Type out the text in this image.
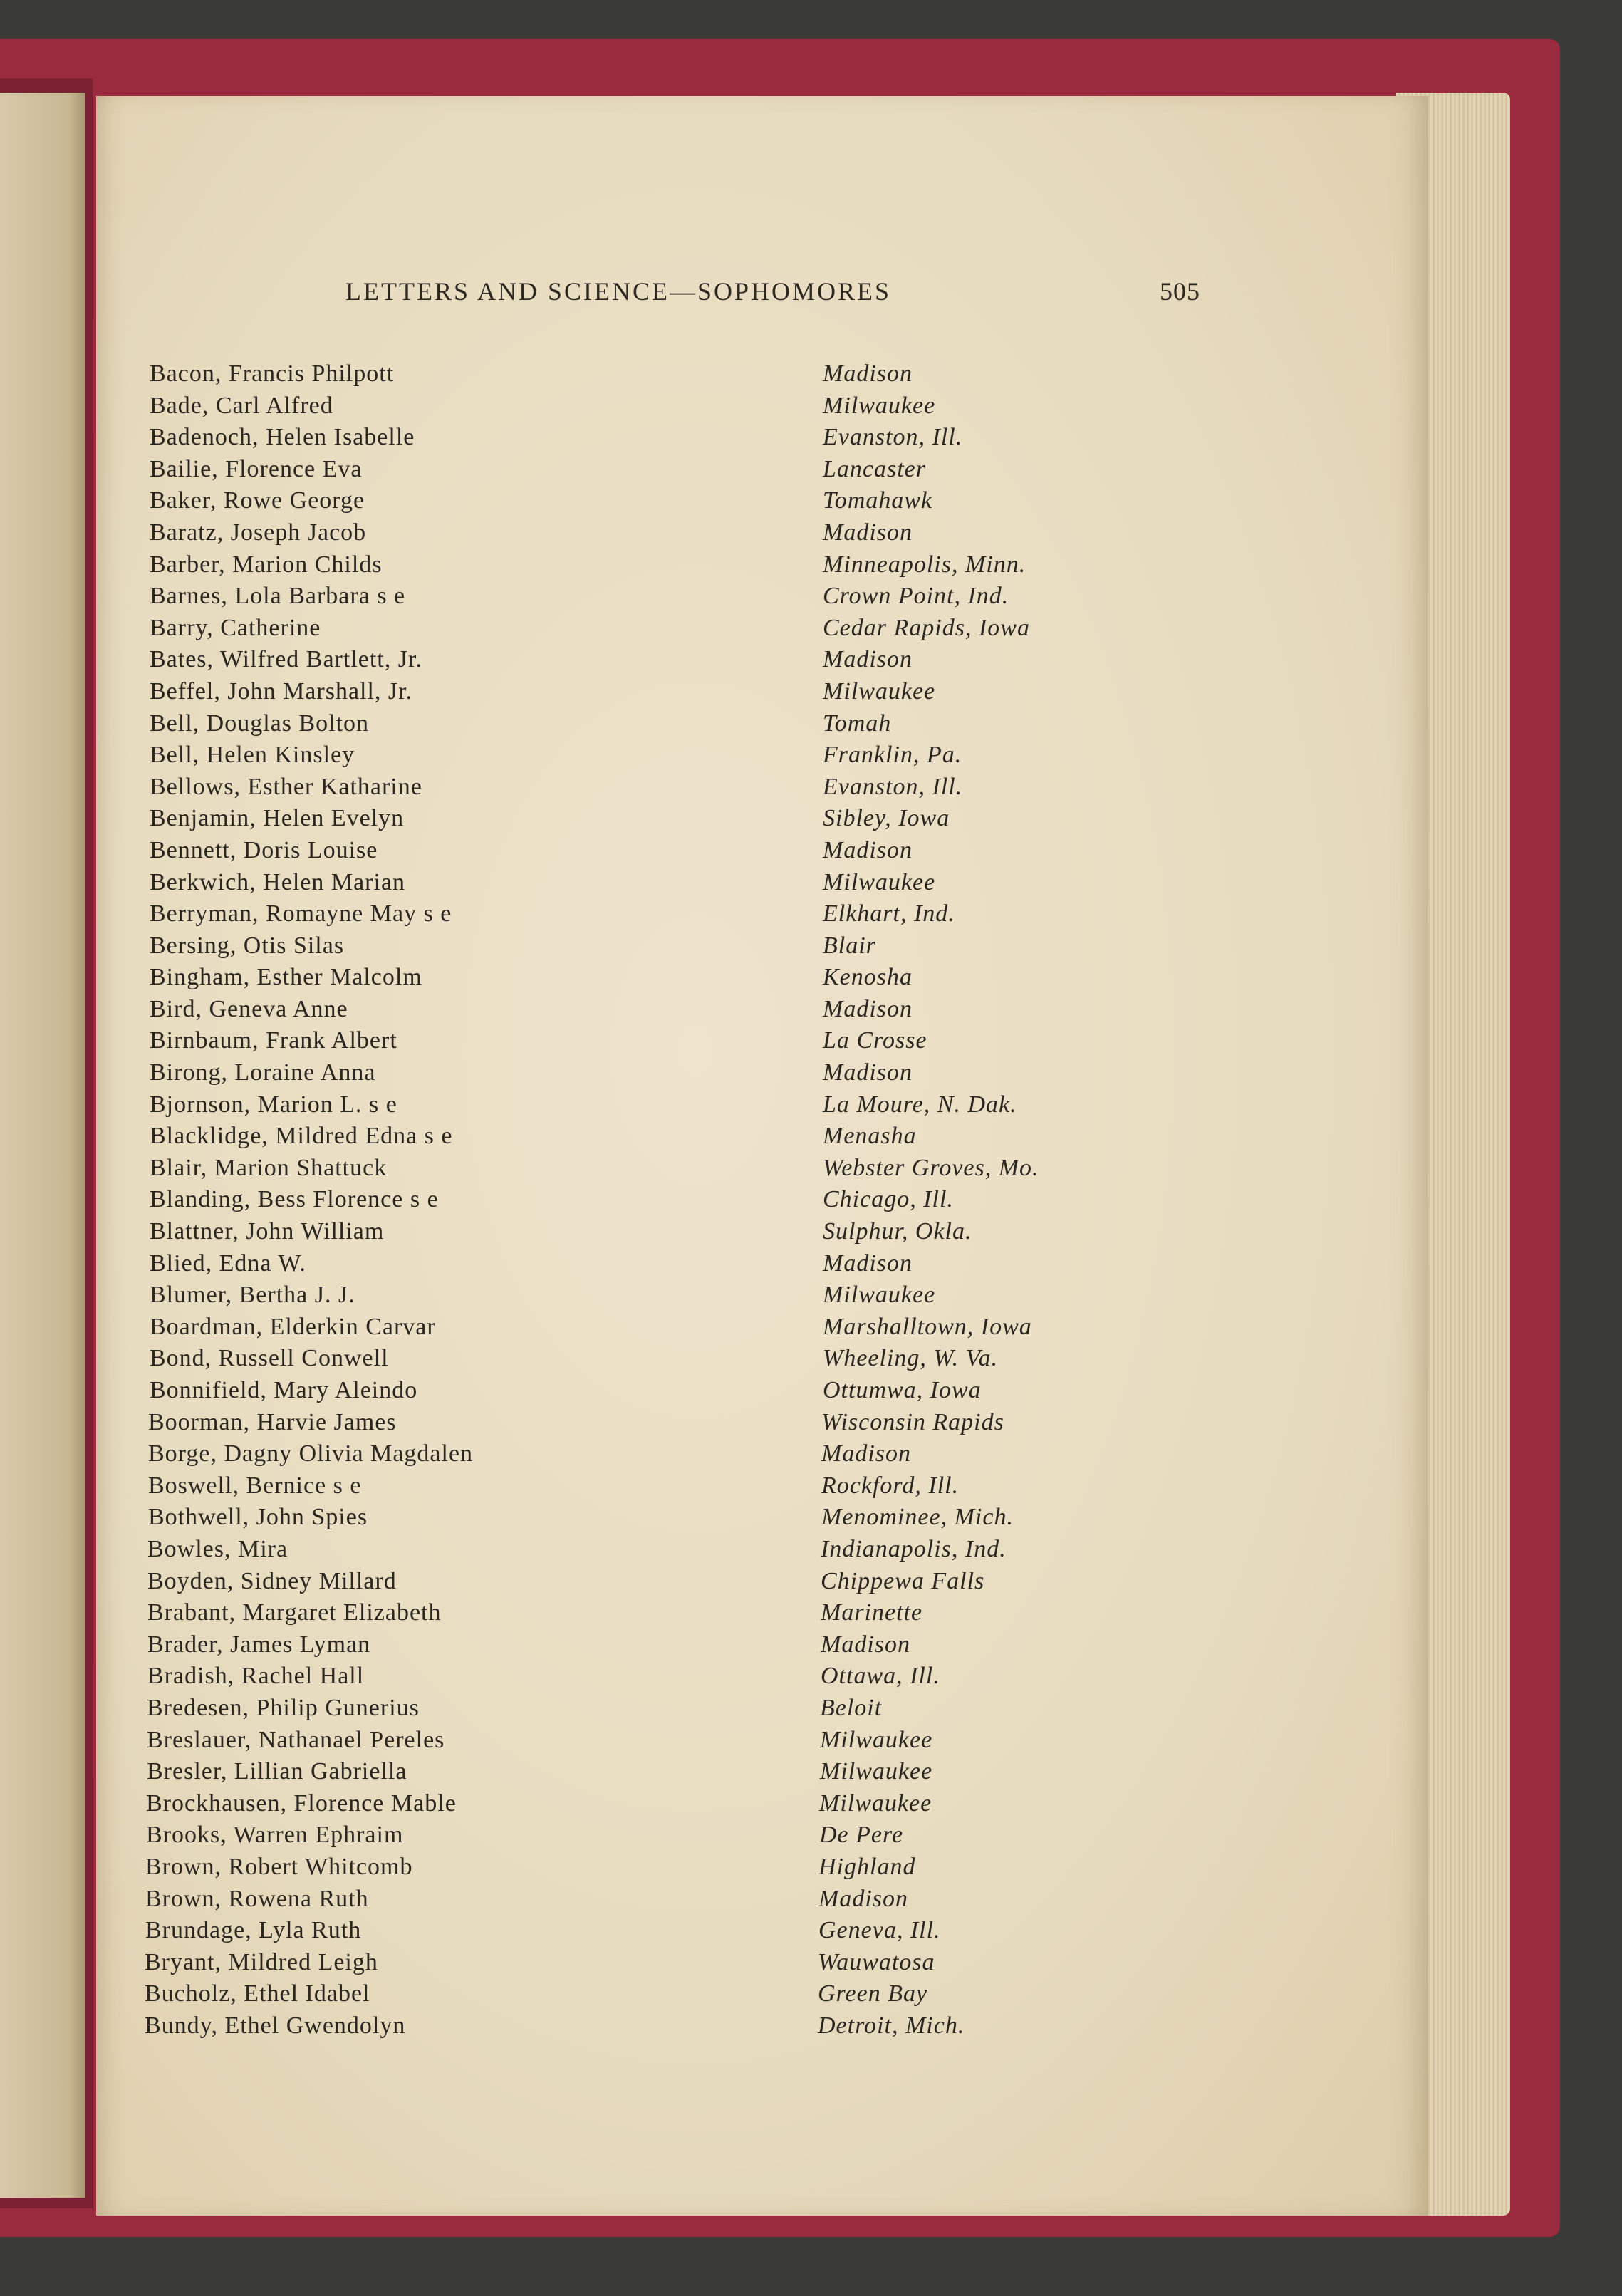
LETTERS AND SCIENCE—SOPHOMORES	505
Bacon, Francis Philpott	Madison
Bade, Carl Alfred	Milwaukee
Badenoch, Helen Isabelle	Evanston, Ill.
Bailie, Florence Eva	Lancaster
Baker, Rowe George	Tomahawk
Baratz, Joseph Jacob	Madison
Barber, Marion Childs	Minneapolis, Minn.
Barnes, Lola Barbara s e	Crown Point, Ind.
Barry, Catherine	Cedar Rapids, Iowa
Bates, Wilfred Bartlett, Jr.	Madison
Beffel, John Marshall, Jr.	Milwaukee
Bell, Douglas Bolton	Tomah
Bell, Helen Kinsley	Franklin, Pa.
Bellows, Esther Katharine	Evanston, Ill.
Benjamin, Helen Evelyn	Sibley, Iowa
Bennett, Doris Louise	Madison
Berkwich, Helen Marian	Milwaukee
Berryman, Romayne May s e	Elkhart, Ind.
Bersing, Otis Silas	Blair
Bingham, Esther Malcolm	Kenosha
Bird, Geneva Anne	Madison
Birnbaum, Frank Albert	La Crosse
Birong, Loraine Anna	Madison
Bjornson, Marion L. s e	La Moure, N. Dak.
Blacklidge, Mildred Edna s e	Menasha
Blair, Marion Shattuck	Webster Groves, Mo.
Blanding, Bess Florence s e	Chicago, Ill.
Blattner, John William	Sulphur, Okla.
Blied, Edna W.	Madison
Blumer, Bertha J. J.	Milwaukee
Boardman, Elderkin Carvar	Marshalltown, Iowa
Bond, Russell Conwell	Wheeling, W. Va.
Bonnifield, Mary Aleindo	Ottumwa, Iowa
Boorman, Harvie James	Wisconsin Rapids
Borge, Dagny Olivia Magdalen	Madison
Boswell, Bernice s e	Rockford, Ill.
Bothwell, John Spies	Menominee, Mich.
Bowles, Mira	Indianapolis, Ind.
Boyden, Sidney Millard	Chippewa Falls
Brabant, Margaret Elizabeth	Marinette
Brader, James Lyman	Madison
Bradish, Rachel Hall	Ottawa, Ill.
Bredesen, Philip Gunerius	Beloit
Breslauer, Nathanael Pereles	Milwaukee
Bresler, Lillian Gabriella	Milwaukee
Brockhausen, Florence Mable	Milwaukee
Brooks, Warren Ephraim	De Pere
Brown, Robert Whitcomb	Highland
Brown, Rowena Ruth	Madison
Brundage, Lyla Ruth	Geneva, Ill.
Bryant, Mildred Leigh	Wauwatosa
Bucholz, Ethel Idabel	Green Bay
Bundy, Ethel Gwendolyn	Detroit, Mich.
